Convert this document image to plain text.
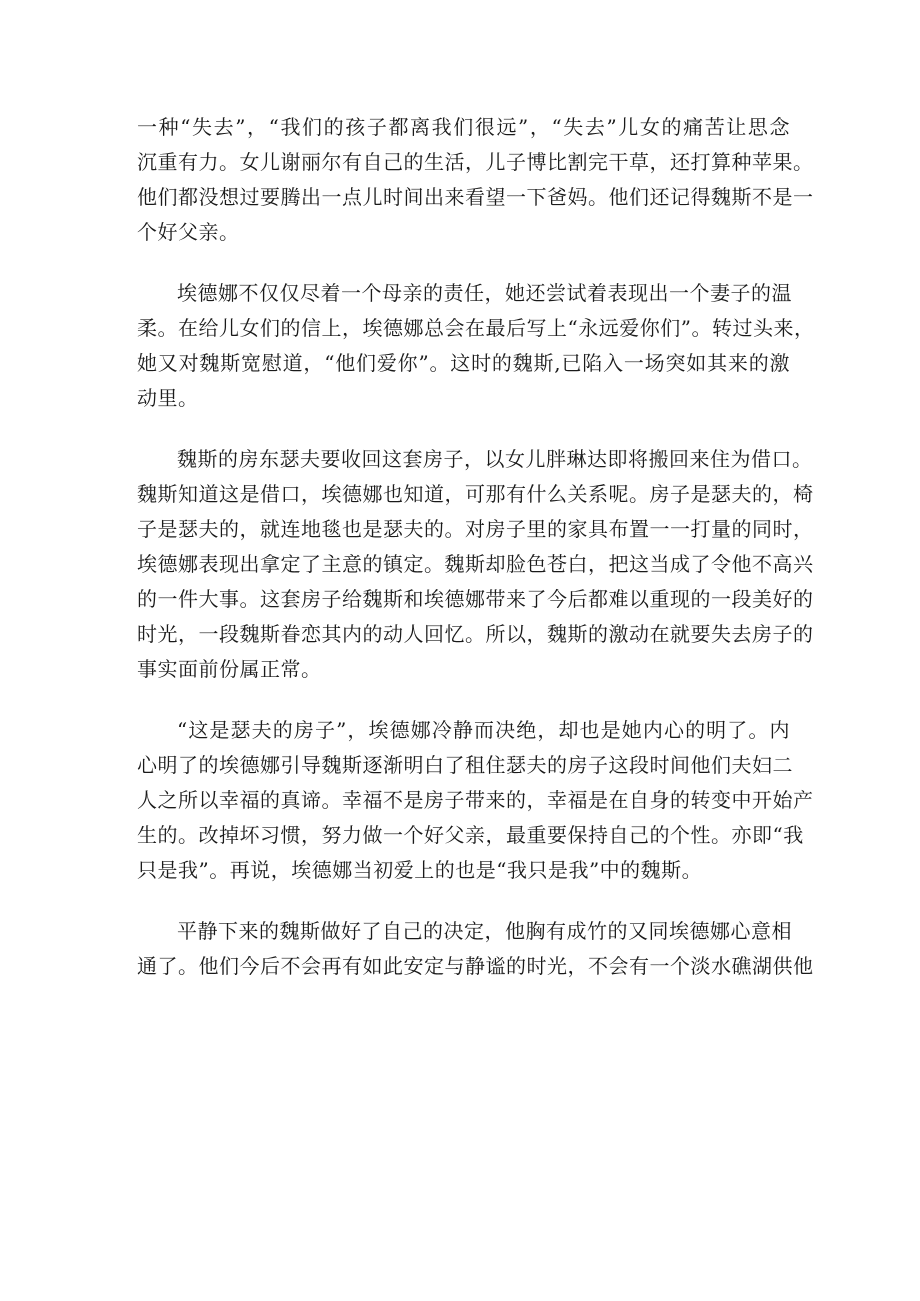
一种“失去”，“我们的孩子都离我们很远”，“失去”儿女的痛苦让思念
沉重有力。女儿谢丽尔有自己的生活，儿子博比割完干草，还打算种苹果。
他们都没想过要腾出一点儿时间出来看望一下爸妈。他们还记得魏斯不是一
个好父亲。
埃德娜不仅仅尽着一个母亲的责任，她还尝试着表现出一个妻子的温
柔。在给儿女们的信上，埃德娜总会在最后写上“永远爱你们”。转过头来，
她又对魏斯宽慰道，“他们爱你”。这时的魏斯,已陷入一场突如其来的激
动里。
魏斯的房东瑟夫要收回这套房子，以女儿胖琳达即将搬回来住为借口。
魏斯知道这是借口，埃德娜也知道，可那有什么关系呢。房子是瑟夫的，椅
子是瑟夫的，就连地毯也是瑟夫的。对房子里的家具布置一一打量的同时，
埃德娜表现出拿定了主意的镇定。魏斯却脸色苍白，把这当成了令他不高兴
的一件大事。这套房子给魏斯和埃德娜带来了今后都难以重现的一段美好的
时光，一段魏斯眷恋其内的动人回忆。所以，魏斯的激动在就要失去房子的
事实面前份属正常。
“这是瑟夫的房子”，埃德娜冷静而决绝，却也是她内心的明了。内
心明了的埃德娜引导魏斯逐渐明白了租住瑟夫的房子这段时间他们夫妇二
人之所以幸福的真谛。幸福不是房子带来的，幸福是在自身的转变中开始产
生的。改掉坏习惯，努力做一个好父亲，最重要保持自己的个性。亦即“我
只是我”。再说，埃德娜当初爱上的也是“我只是我”中的魏斯。
平静下来的魏斯做好了自己的决定，他胸有成竹的又同埃德娜心意相
通了。他们今后不会再有如此安定与静谧的时光，不会有一个淡水礁湖供他
